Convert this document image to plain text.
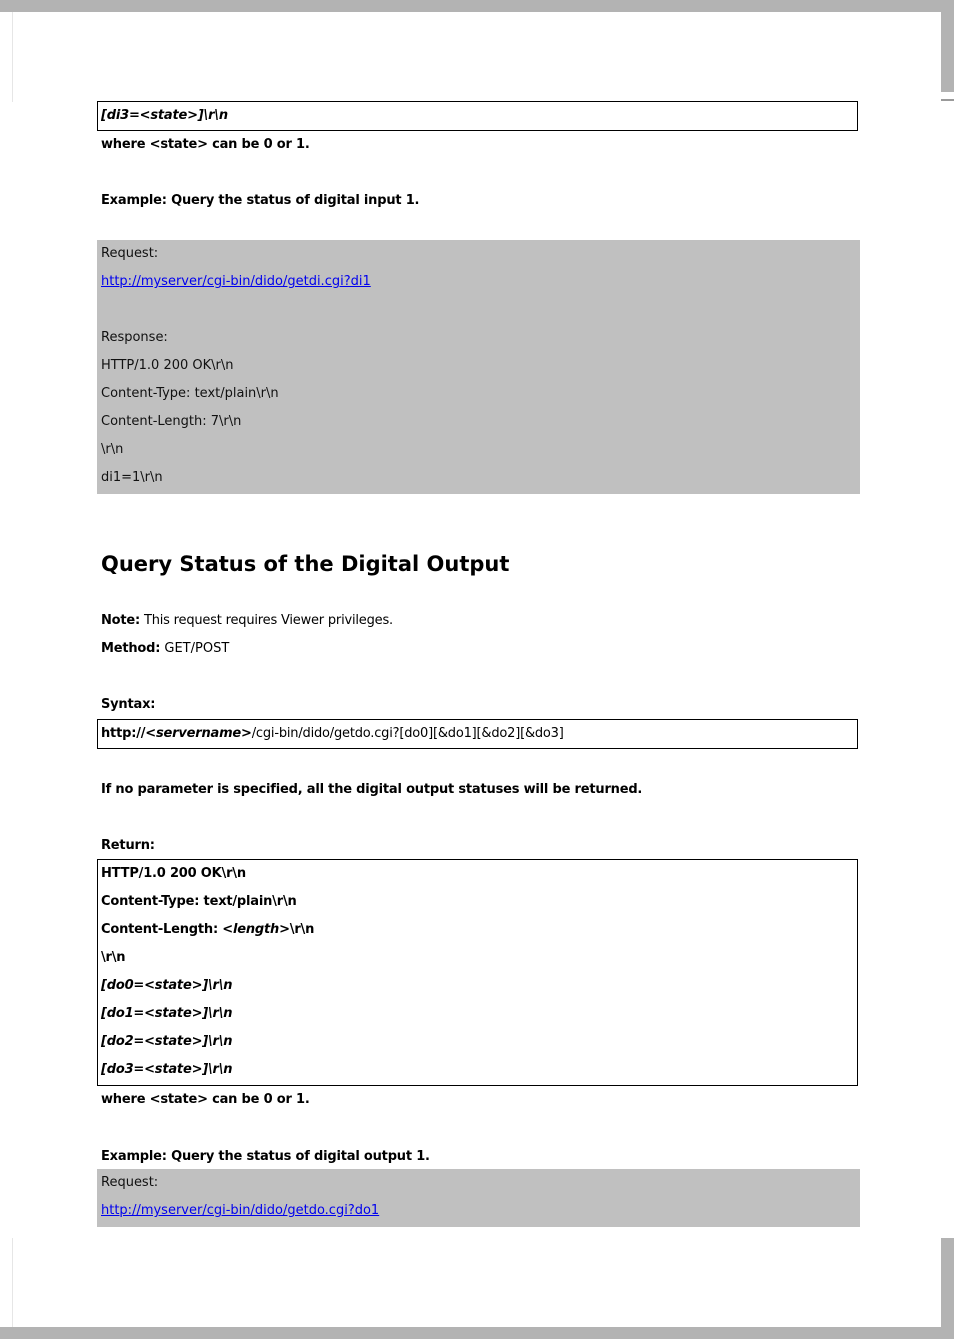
[di3=<state>]\r\n
where <state> can be 0 or 1.
Example: Query the status of digital input 1.
Request:
http://myserver/cgi-bin/dido/getdi.cgi?di1
Response:
HTTP/1.0 200 OK\r\n
Content-Type: text/plain\r\n
Content-Length: 7\r\n
\r\n
di1=1\r\n
Query Status of the Digital Output
Note: This request requires Viewer privileges.
Method: GET/POST
Syntax:
http://<servername>/cgi-bin/dido/getdo.cgi?[do0][&do1][&do2][&do3]
If no parameter is specified, all the digital output statuses will be returned.
Return:
HTTP/1.0 200 OK\r\n
Content-Type: text/plain\r\n
Content-Length: <length>\r\n
\r\n
[do0=<state>]\r\n
[do1=<state>]\r\n
[do2=<state>]\r\n
[do3=<state>]\r\n
where <state> can be 0 or 1.
Example: Query the status of digital output 1.
Request:
http://myserver/cgi-bin/dido/getdo.cgi?do1
